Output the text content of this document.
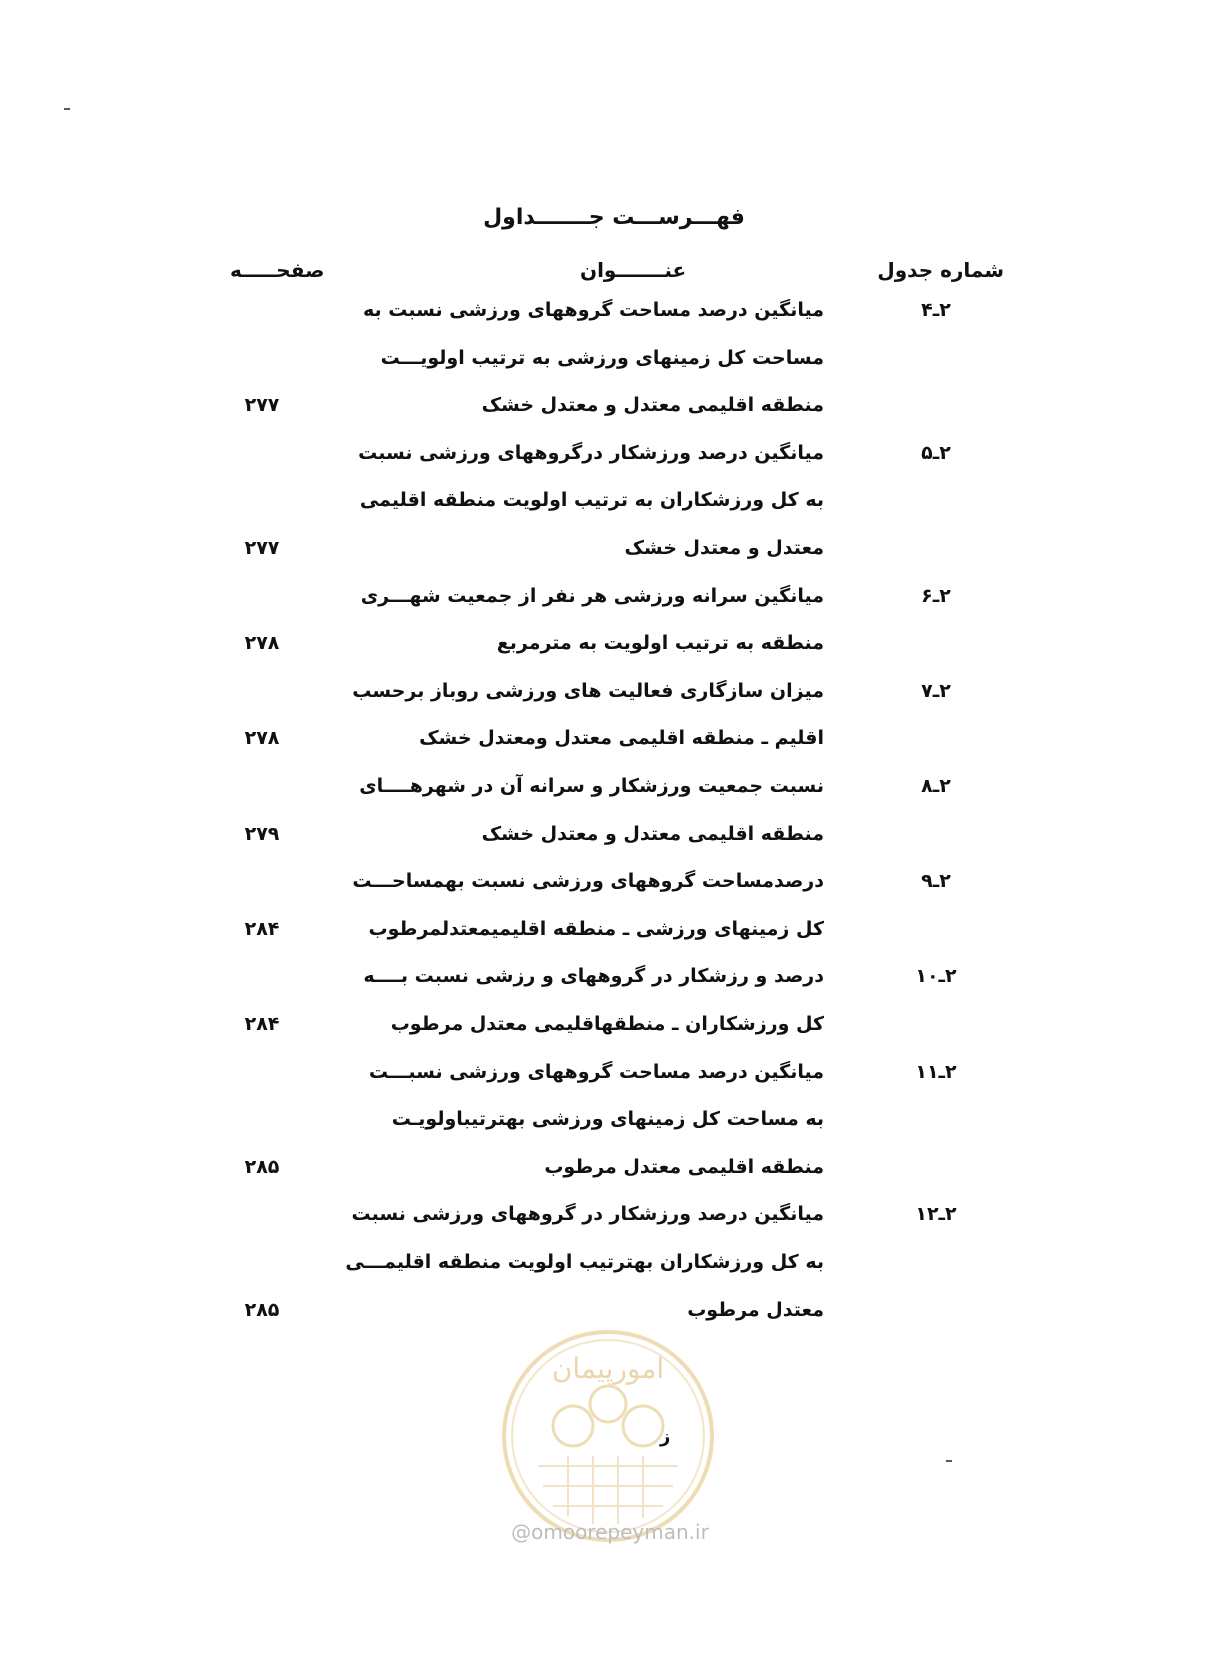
فهـــرســـت جـــــــداول
شماره جدول
عنـــــــوان
صفحـــــه
۲ـ۴
میانگین درصد مساحت گروههای ورزشی نسبت به
مساحت کل زمینهای ورزشی به ترتیب اولویـــت
منطقه اقلیمی معتدل و معتدل خشک
۲۷۷
۲ـ۵
میانگین درصد ورزشکار درگروههای ورزشی نسبت
به کل ورزشکاران به ترتیب اولویت منطقه اقلیمی
معتدل و معتدل خشک
۲۷۷
۲ـ۶
میانگین سرانه ورزشی هر نفر از جمعیت شهـــری
منطقه به ترتیب اولویت به مترمربع
۲۷۸
۲ـ۷
میزان سازگاری فعالیت های ورزشی روباز برحسب
اقلیم ـ منطقه اقلیمی معتدل ومعتدل خشک
۲۷۸
۲ـ۸
نسبت جمعیت ورزشکار و سرانه آن در شهرهــــای
منطقه اقلیمی معتدل و معتدل خشک
۲۷۹
۲ـ۹
درصدمساحت گروههای ورزشی نسبت بهمساحـــت
کل زمینهای ورزشی ـ منطقه اقلیمیمعتدلمرطوب
۲۸۴
۲ـ۱۰
درصد و رزشکار در گروههای و رزشی نسبت بــــه
کل ورزشکاران ـ منطقهاقلیمی معتدل مرطوب
۲۸۴
۲ـ۱۱
میانگین درصد مساحت گروههای ورزشی نسبـــت
به مساحت کل زمینهای ورزشی بهترتیباولویـت
منطقه اقلیمی معتدل مرطوب
۲۸۵
۲ـ۱۲
میانگین درصد ورزشکار در گروههای ورزشی نسبت
به کل ورزشکاران بهترتیب اولویت منطقه اقلیمـــی
معتدل مرطوب
۲۸۵
امورپیمان
@omoorepeyman.ir
ز
